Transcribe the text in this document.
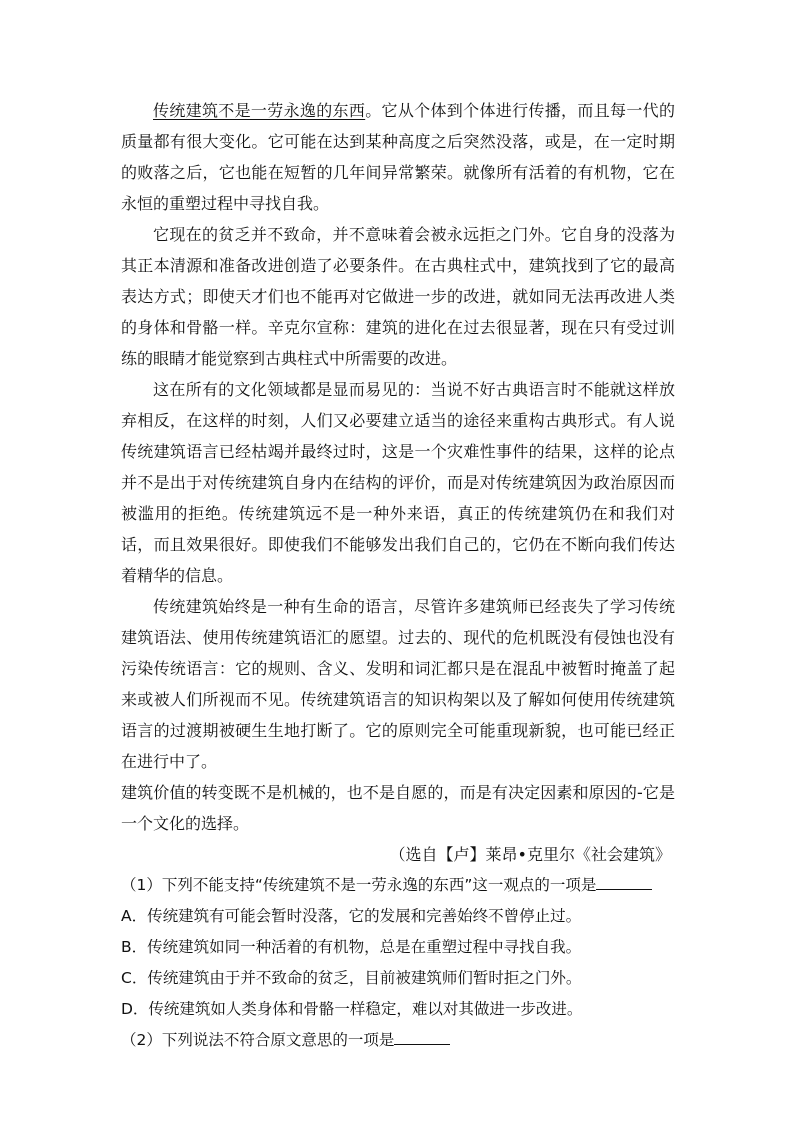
传统建筑不是一劳永逸的东西。它从个体到个体进行传播，而且每一代的质量都有很大变化。它可能在达到某种高度之后突然没落，或是，在一定时期的败落之后，它也能在短暂的几年间异常繁荣。就像所有活着的有机物，它在永恒的重塑过程中寻找自我。

它现在的贫乏并不致命，并不意味着会被永远拒之门外。它自身的没落为其正本清源和准备改进创造了必要条件。在古典柱式中，建筑找到了它的最高表达方式；即使天才们也不能再对它做进一步的改进，就如同无法再改进人类的身体和骨骼一样。辛克尔宣称：建筑的进化在过去很显著，现在只有受过训练的眼睛才能觉察到古典柱式中所需要的改进。

这在所有的文化领域都是显而易见的：当说不好古典语言时不能就这样放弃相反，在这样的时刻，人们又必要建立适当的途径来重构古典形式。有人说传统建筑语言已经枯竭并最终过时，这是一个灾难性事件的结果，这样的论点并不是出于对传统建筑自身内在结构的评价，而是对传统建筑因为政治原因而被滥用的拒绝。传统建筑远不是一种外来语，真正的传统建筑仍在和我们对话，而且效果很好。即使我们不能够发出我们自己的，它仍在不断向我们传达着精华的信息。

传统建筑始终是一种有生命的语言，尽管许多建筑师已经丧失了学习传统建筑语法、使用传统建筑语汇的愿望。过去的、现代的危机既没有侵蚀也没有污染传统语言：它的规则、含义、发明和词汇都只是在混乱中被暂时掩盖了起来或被人们所视而不见。传统建筑语言的知识构架以及了解如何使用传统建筑语言的过渡期被硬生生地打断了。它的原则完全可能重现新貌，也可能已经正在进行中了。

建筑价值的转变既不是机械的，也不是自愿的，而是有决定因素和原因的-它是一个文化的选择。

（选自【卢】莱昂•克里尔《社会建筑》

（1）下列不能支持“传统建筑不是一劳永逸的东西”这一观点的一项是

A．传统建筑有可能会暂时没落，它的发展和完善始终不曾停止过。

B．传统建筑如同一种活着的有机物，总是在重塑过程中寻找自我。

C．传统建筑由于并不致命的贫乏，目前被建筑师们暂时拒之门外。

D．传统建筑如人类身体和骨骼一样稳定，难以对其做进一步改进。

（2）下列说法不符合原文意思的一项是
